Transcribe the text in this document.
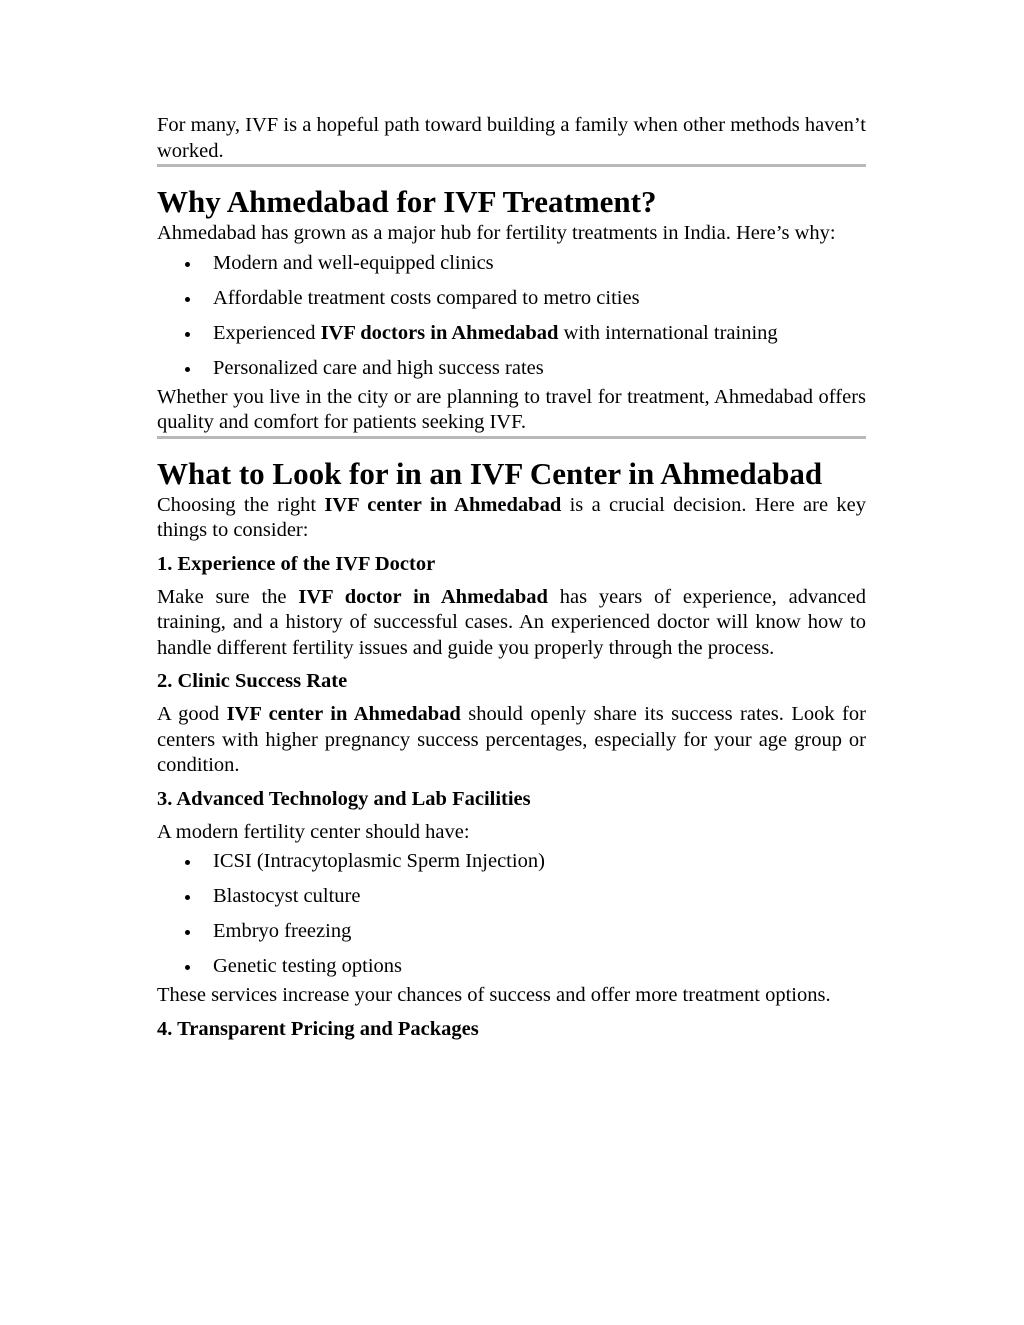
For many, IVF is a hopeful path toward building a family when other methods haven’t worked.

Why Ahmedabad for IVF Treatment?

Ahmedabad has grown as a major hub for fertility treatments in India. Here’s why:

Modern and well-equipped clinics
Affordable treatment costs compared to metro cities
Experienced IVF doctors in Ahmedabad with international training
Personalized care and high success rates

Whether you live in the city or are planning to travel for treatment, Ahmedabad offers quality and comfort for patients seeking IVF.

What to Look for in an IVF Center in Ahmedabad

Choosing the right IVF center in Ahmedabad is a crucial decision. Here are key things to consider:

1. Experience of the IVF Doctor

Make sure the IVF doctor in Ahmedabad has years of experience, advanced training, and a history of successful cases. An experienced doctor will know how to handle different fertility issues and guide you properly through the process.

2. Clinic Success Rate

A good IVF center in Ahmedabad should openly share its success rates. Look for centers with higher pregnancy success percentages, especially for your age group or condition.

3. Advanced Technology and Lab Facilities

A modern fertility center should have:

ICSI (Intracytoplasmic Sperm Injection)
Blastocyst culture
Embryo freezing
Genetic testing options

These services increase your chances of success and offer more treatment options.

4. Transparent Pricing and Packages
